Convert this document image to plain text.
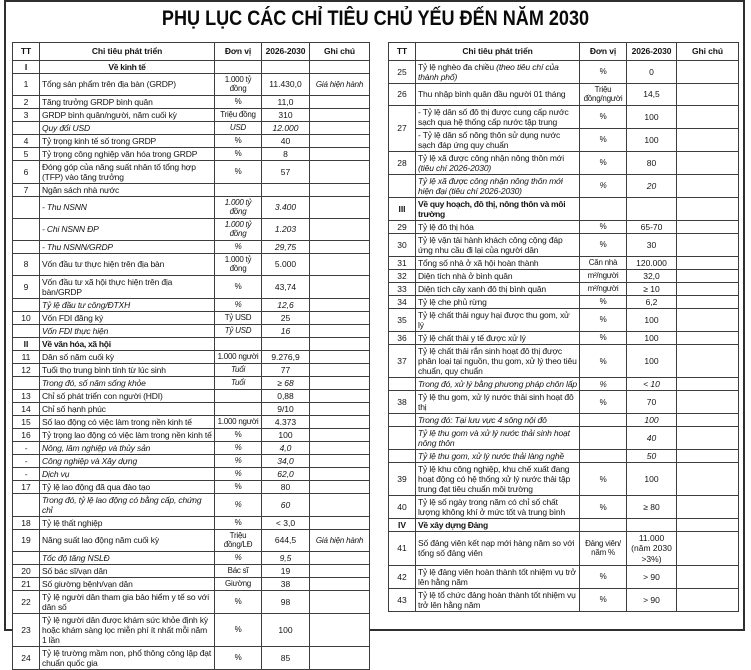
PHỤ LỤC CÁC CHỈ TIÊU CHỦ YẾU ĐẾN NĂM 2030
TT	Chỉ tiêu phát triển	Đơn vị	2026-2030	Ghi chú
I	Về kinh tế			
1	Tổng sản phẩm trên địa bàn (GRDP)	1.000 tỷ đồng	11.430,0	Giá hiện hành
2	Tăng trưởng GRDP bình quân	%	11,0	
3	GRDP bình quân/người, năm cuối kỳ	Triệu đồng	310	
	Quy đổi USD	USD	12.000	
4	Tỷ trọng kinh tế số trong GRDP	%	40	
5	Tỷ trọng công nghiệp văn hóa trong GRDP	%	8	
6	Đóng góp của năng suất nhân tố tổng hợp (TFP) vào tăng trưởng	%	57	
7	Ngân sách nhà nước			
	- Thu NSNN	1.000 tỷ đồng	3.400	
	- Chi NSNN ĐP	1.000 tỷ đồng	1.203	
	- Thu NSNN/GRDP	%	29,75	
8	Vốn đầu tư thực hiện trên địa bàn	1.000 tỷ đồng	5.000	
9	Vốn đầu tư xã hội thực hiện trên địa bàn/GRDP	%	43,74	
	Tỷ lệ đầu tư công/ĐTXH	%	12,6	
10	Vốn FDI đăng ký	Tỷ USD	25	
	Vốn FDI thực hiện	Tỷ USD	16	
II	Về văn hóa, xã hội			
11	Dân số năm cuối kỳ	1.000 người	9.276,9	
12	Tuổi thọ trung bình tính từ lúc sinh	Tuổi	77	
	Trong đó, số năm sống khỏe	Tuổi	≥ 68	
13	Chỉ số phát triển con người (HDI)		0,88	
14	Chỉ số hạnh phúc		9/10	
15	Số lao động có việc làm trong nền kinh tế	1.000 người	4.373	
16	Tỷ trọng lao động có việc làm trong nền kinh tế	%	100	
-	Nông, lâm nghiệp và thủy sản	%	4,0	
-	Công nghiệp và Xây dựng	%	34,0	
-	Dịch vụ	%	62,0	
17	Tỷ lệ lao động đã qua đào tạo	%	80	
	Trong đó, tỷ lệ lao động có bằng cấp, chứng chỉ	%	60	
18	Tỷ lệ thất nghiệp	%	< 3,0	
19	Năng suất lao động năm cuối kỳ	Triệu đồng/LĐ	644,5	Giá hiện hành
	Tốc độ tăng NSLĐ	%	9,5	
20	Số bác sĩ/vạn dân	Bác sĩ	19	
21	Số giường bệnh/vạn dân	Giường	38	
22	Tỷ lệ người dân tham gia bảo hiểm y tế so với dân số	%	98	
23	Tỷ lệ người dân được khám sức khỏe định kỳ hoặc khám sàng lọc miễn phí ít nhất mỗi năm 1 lần	%	100	
24	Tỷ lệ trường mầm non, phổ thông công lập đạt chuẩn quốc gia	%	85	
TT	Chỉ tiêu phát triển	Đơn vị	2026-2030	Ghi chú
25	Tỷ lệ nghèo đa chiều (theo tiêu chí của thành phố)	%	0	
26	Thu nhập bình quân đầu người 01 tháng	Triệu đồng/người	14,5	
27	- Tỷ lệ dân số đô thị được cung cấp nước sạch qua hệ thống cấp nước tập trung	%	100	
	- Tỷ lệ dân số nông thôn sử dụng nước sạch đáp ứng quy chuẩn	%	100	
28	Tỷ lệ xã được công nhận nông thôn mới (tiêu chí 2026-2030)	%	80	
	Tỷ lệ xã được công nhận nông thôn mới hiện đại (tiêu chí 2026-2030)	%	20	
III	Về quy hoạch, đô thị, nông thôn và môi trường			
29	Tỷ lệ đô thị hóa	%	65-70	
30	Tỷ lệ vận tải hành khách công cộng đáp ứng nhu cầu đi lại của người dân	%	30	
31	Tổng số nhà ở xã hội hoàn thành	Căn nhà	120.000	
32	Diện tích nhà ở bình quân	m²/người	32,0	
33	Diện tích cây xanh đô thị bình quân	m²/người	≥ 10	
34	Tỷ lệ che phủ rừng	%	6,2	
35	Tỷ lệ chất thải nguy hại được thu gom, xử lý	%	100	
36	Tỷ lệ chất thải y tế được xử lý	%	100	
37	Tỷ lệ chất thải rắn sinh hoạt đô thị được phân loại tại nguồn, thu gom, xử lý theo tiêu chuẩn, quy chuẩn	%	100	
	Trong đó, xử lý bằng phương pháp chôn lấp	%	< 10	
38	Tỷ lệ thu gom, xử lý nước thải sinh hoạt đô thị	%	70	
	Trong đó: Tại lưu vực 4 sông nội đô		100	
	Tỷ lệ thu gom và xử lý nước thải sinh hoạt nông thôn		40	
	Tỷ lệ thu gom, xử lý nước thải làng nghề		50	
39	Tỷ lệ khu công nghiệp, khu chế xuất đang hoạt động có hệ thống xử lý nước thải tập trung đạt tiêu chuẩn môi trường	%	100	
40	Tỷ lệ số ngày trong năm có chỉ số chất lượng không khí ở mức tốt và trung bình	%	≥ 80	
IV	Về xây dựng Đảng			
41	Số đảng viên kết nạp mới hàng năm so với tổng số đảng viên	Đảng viên/ năm %	11.000 (năm 2030 >3%)	
42	Tỷ lệ đảng viên hoàn thành tốt nhiệm vụ trở lên hằng năm	%	> 90	
43	Tỷ lệ tổ chức đảng hoàn thành tốt nhiệm vụ trở lên hằng năm	%	> 90	
